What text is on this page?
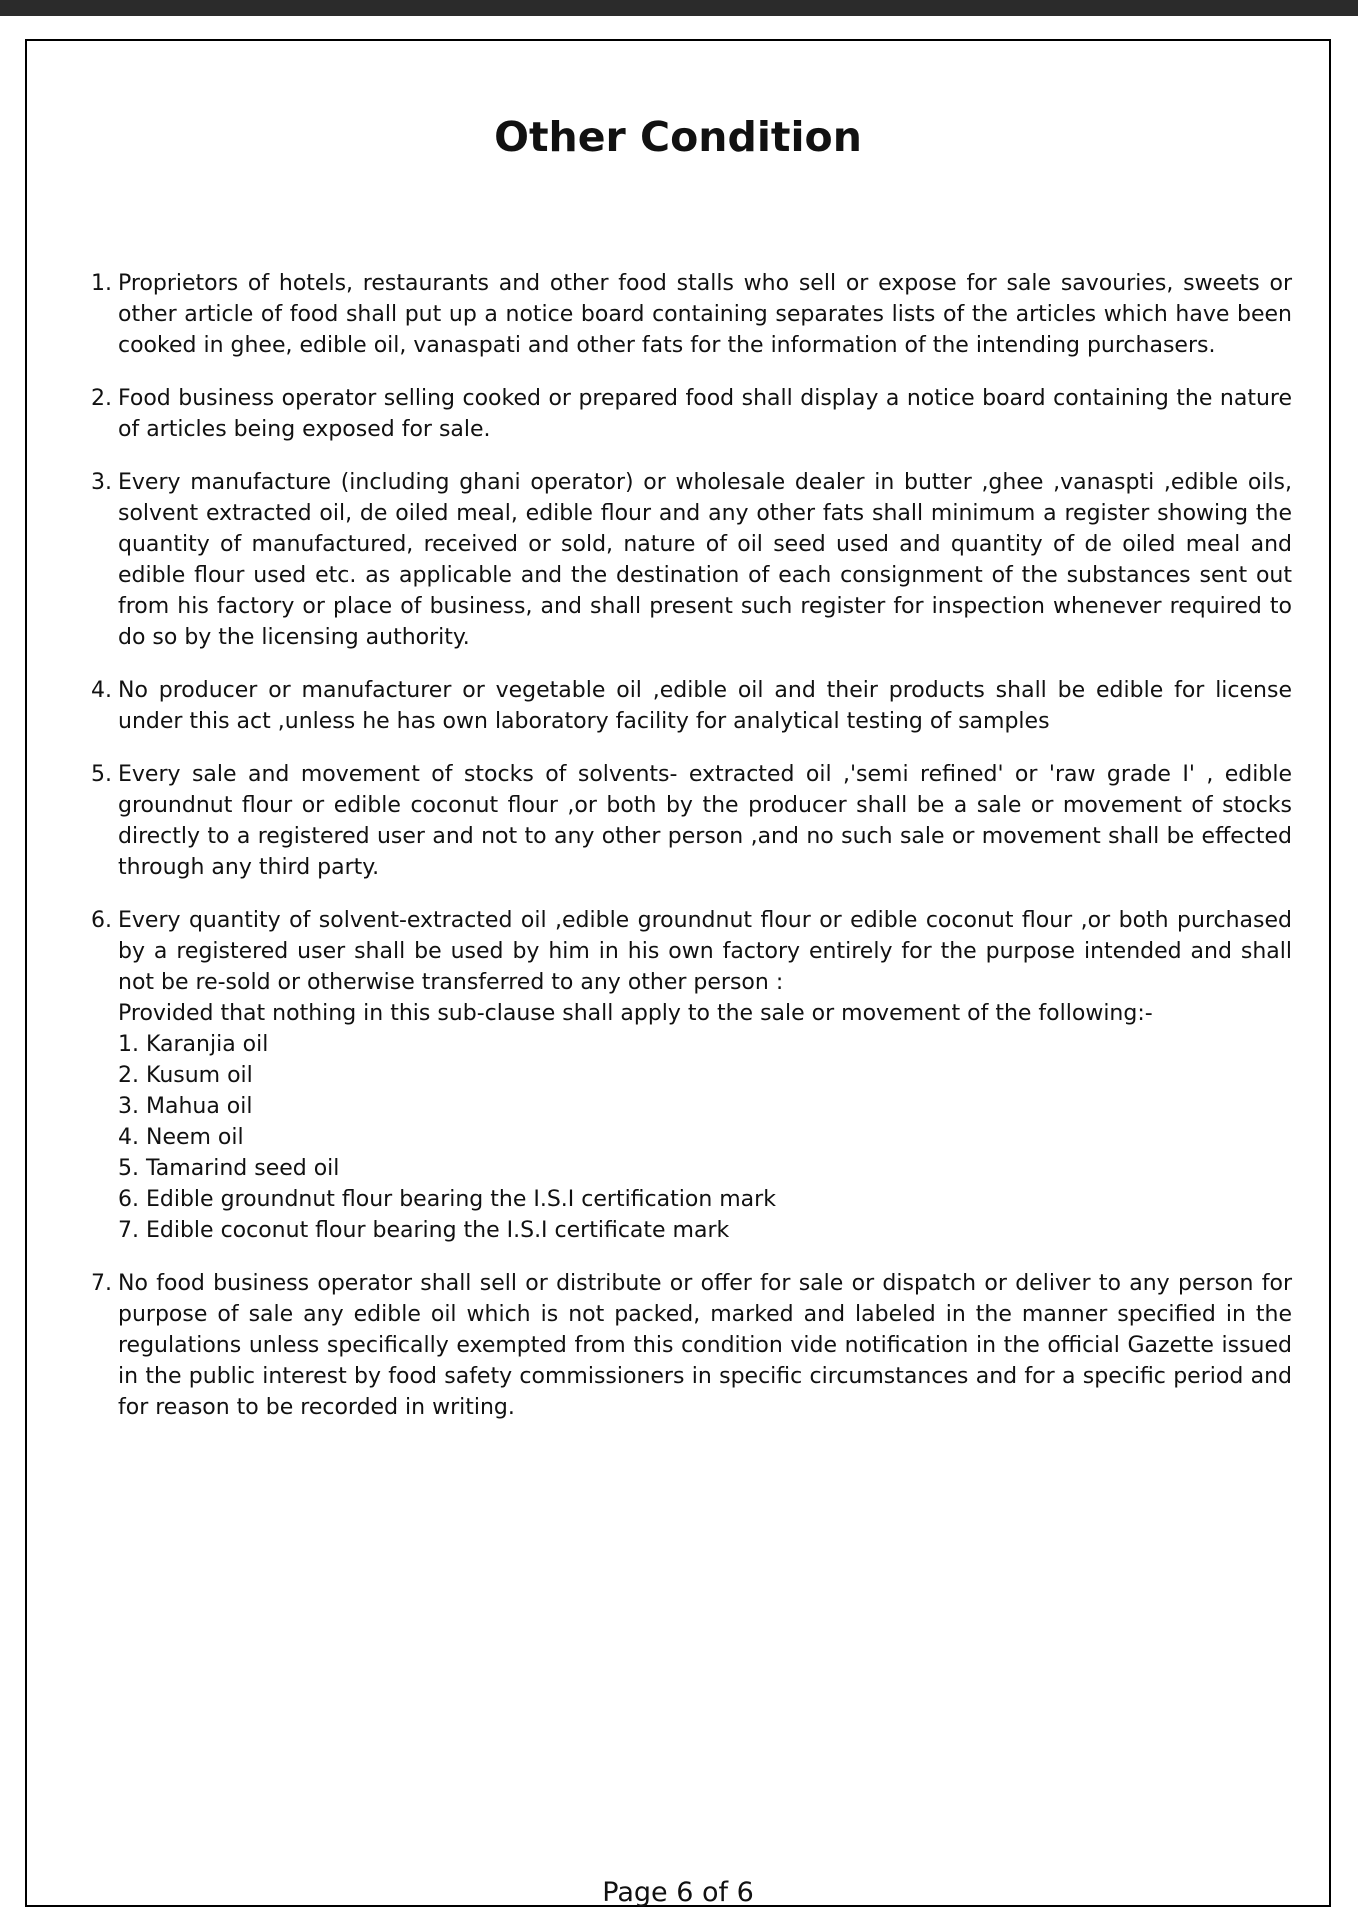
Other Condition
1. Proprietors of hotels, restaurants and other food stalls who sell or expose for sale savouries, sweets or other article of food shall put up a notice board containing separates lists of the articles which have been cooked in ghee, edible oil, vanaspati and other fats for the information of the intending purchasers.
2. Food business operator selling cooked or prepared food shall display a notice board containing the nature of articles being exposed for sale.
3. Every manufacture (including ghani operator) or wholesale dealer in butter ,ghee ,vanaspti ,edible oils, solvent extracted oil, de oiled meal, edible flour and any other fats shall minimum a register showing the quantity of manufactured, received or sold, nature of oil seed used and quantity of de oiled meal and edible flour used etc. as applicable and the destination of each consignment of the substances sent out from his factory or place of business, and shall present such register for inspection whenever required to do so by the licensing authority.
4. No producer or manufacturer or vegetable oil ,edible oil and their products shall be edible for license under this act ,unless he has own laboratory facility for analytical testing of samples
5. Every sale and movement of stocks of solvents- extracted oil ,'semi refined' or 'raw grade I' , edible groundnut flour or edible coconut flour ,or both by the producer shall be a sale or movement of stocks directly to a registered user and not to any other person ,and no such sale or movement shall be effected through any third party.
6. Every quantity of solvent-extracted oil ,edible groundnut flour or edible coconut flour ,or both purchased by a registered user shall be used by him in his own factory entirely for the purpose intended and shall not be re-sold or otherwise transferred to any other person :
Provided that nothing in this sub-clause shall apply to the sale or movement of the following:-
1. Karanjia oil
2. Kusum oil
3. Mahua oil
4. Neem oil
5. Tamarind seed oil
6. Edible groundnut flour bearing the I.S.I certification mark
7. Edible coconut flour bearing the I.S.I certificate mark
7. No food business operator shall sell or distribute or offer for sale or dispatch or deliver to any person for purpose of sale any edible oil which is not packed, marked and labeled in the manner specified in the regulations unless specifically exempted from this condition vide notification in the official Gazette issued in the public interest by food safety commissioners in specific circumstances and for a specific period and for reason to be recorded in writing.
Page 6 of 6
